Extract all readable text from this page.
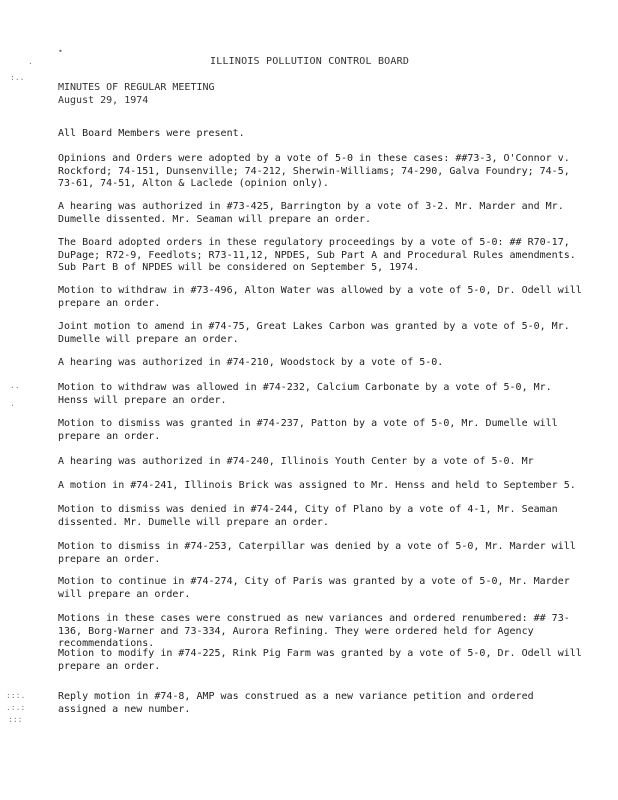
•
·
:..
··
·
:::.
.:.:
:::
ILLINOIS POLLUTION CONTROL BOARD
MINUTES OF REGULAR MEETING
August 29, 1974
All Board Members were present.
Opinions and Orders were adopted by a vote of 5-0 in these cases: ##73-3, O'Connor v. Rockford; 74-151, Dunsenville; 74-212, Sherwin-Williams; 74-290, Galva Foundry; 74-5, 73-61, 74-51, Alton & Laclede (opinion only).
A hearing was authorized in #73-425, Barrington by a vote of 3-2. Mr. Marder and Mr. Dumelle dissented. Mr. Seaman will prepare an order.
The Board adopted orders in these regulatory proceedings by a vote of 5-0: ## R70-17, DuPage; R72-9, Feedlots; R73-11,12, NPDES, Sub Part A and Procedural Rules amendments. Sub Part B of NPDES will be considered on September 5, 1974.
Motion to withdraw in #73-496, Alton Water was allowed by a vote of 5-0, Dr. Odell will prepare an order.
Joint motion to amend in #74-75, Great Lakes Carbon was granted by a vote of 5-0, Mr. Dumelle will prepare an order.
A hearing was authorized in #74-210, Woodstock by a vote of 5-0.
Motion to withdraw was allowed in #74-232, Calcium Carbonate by a vote of 5-0, Mr. Henss will prepare an order.
Motion to dismiss was granted in #74-237, Patton by a vote of 5-0, Mr. Dumelle will prepare an order.
A hearing was authorized in #74-240, Illinois Youth Center by a vote of 5-0. Mr
A motion in #74-241, Illinois Brick was assigned to Mr. Henss and held to September 5.
Motion to dismiss was denied in #74-244, City of Plano by a vote of 4-1, Mr. Seaman dissented. Mr. Dumelle will prepare an order.
Motion to dismiss in #74-253, Caterpillar was denied by a vote of 5-0, Mr. Marder will prepare an order.
Motion to continue in #74-274, City of Paris was granted by a vote of 5-0, Mr. Marder will prepare an order.
Motions in these cases were construed as new variances and ordered renumbered: ## 73-136, Borg-Warner and 73-334, Aurora Refining. They were ordered held for Agency recommendations.
Motion to modify in #74-225, Rink Pig Farm was granted by a vote of 5-0, Dr. Odell will prepare an order.
Reply motion in #74-8, AMP was construed as a new variance petition and ordered assigned a new number.
